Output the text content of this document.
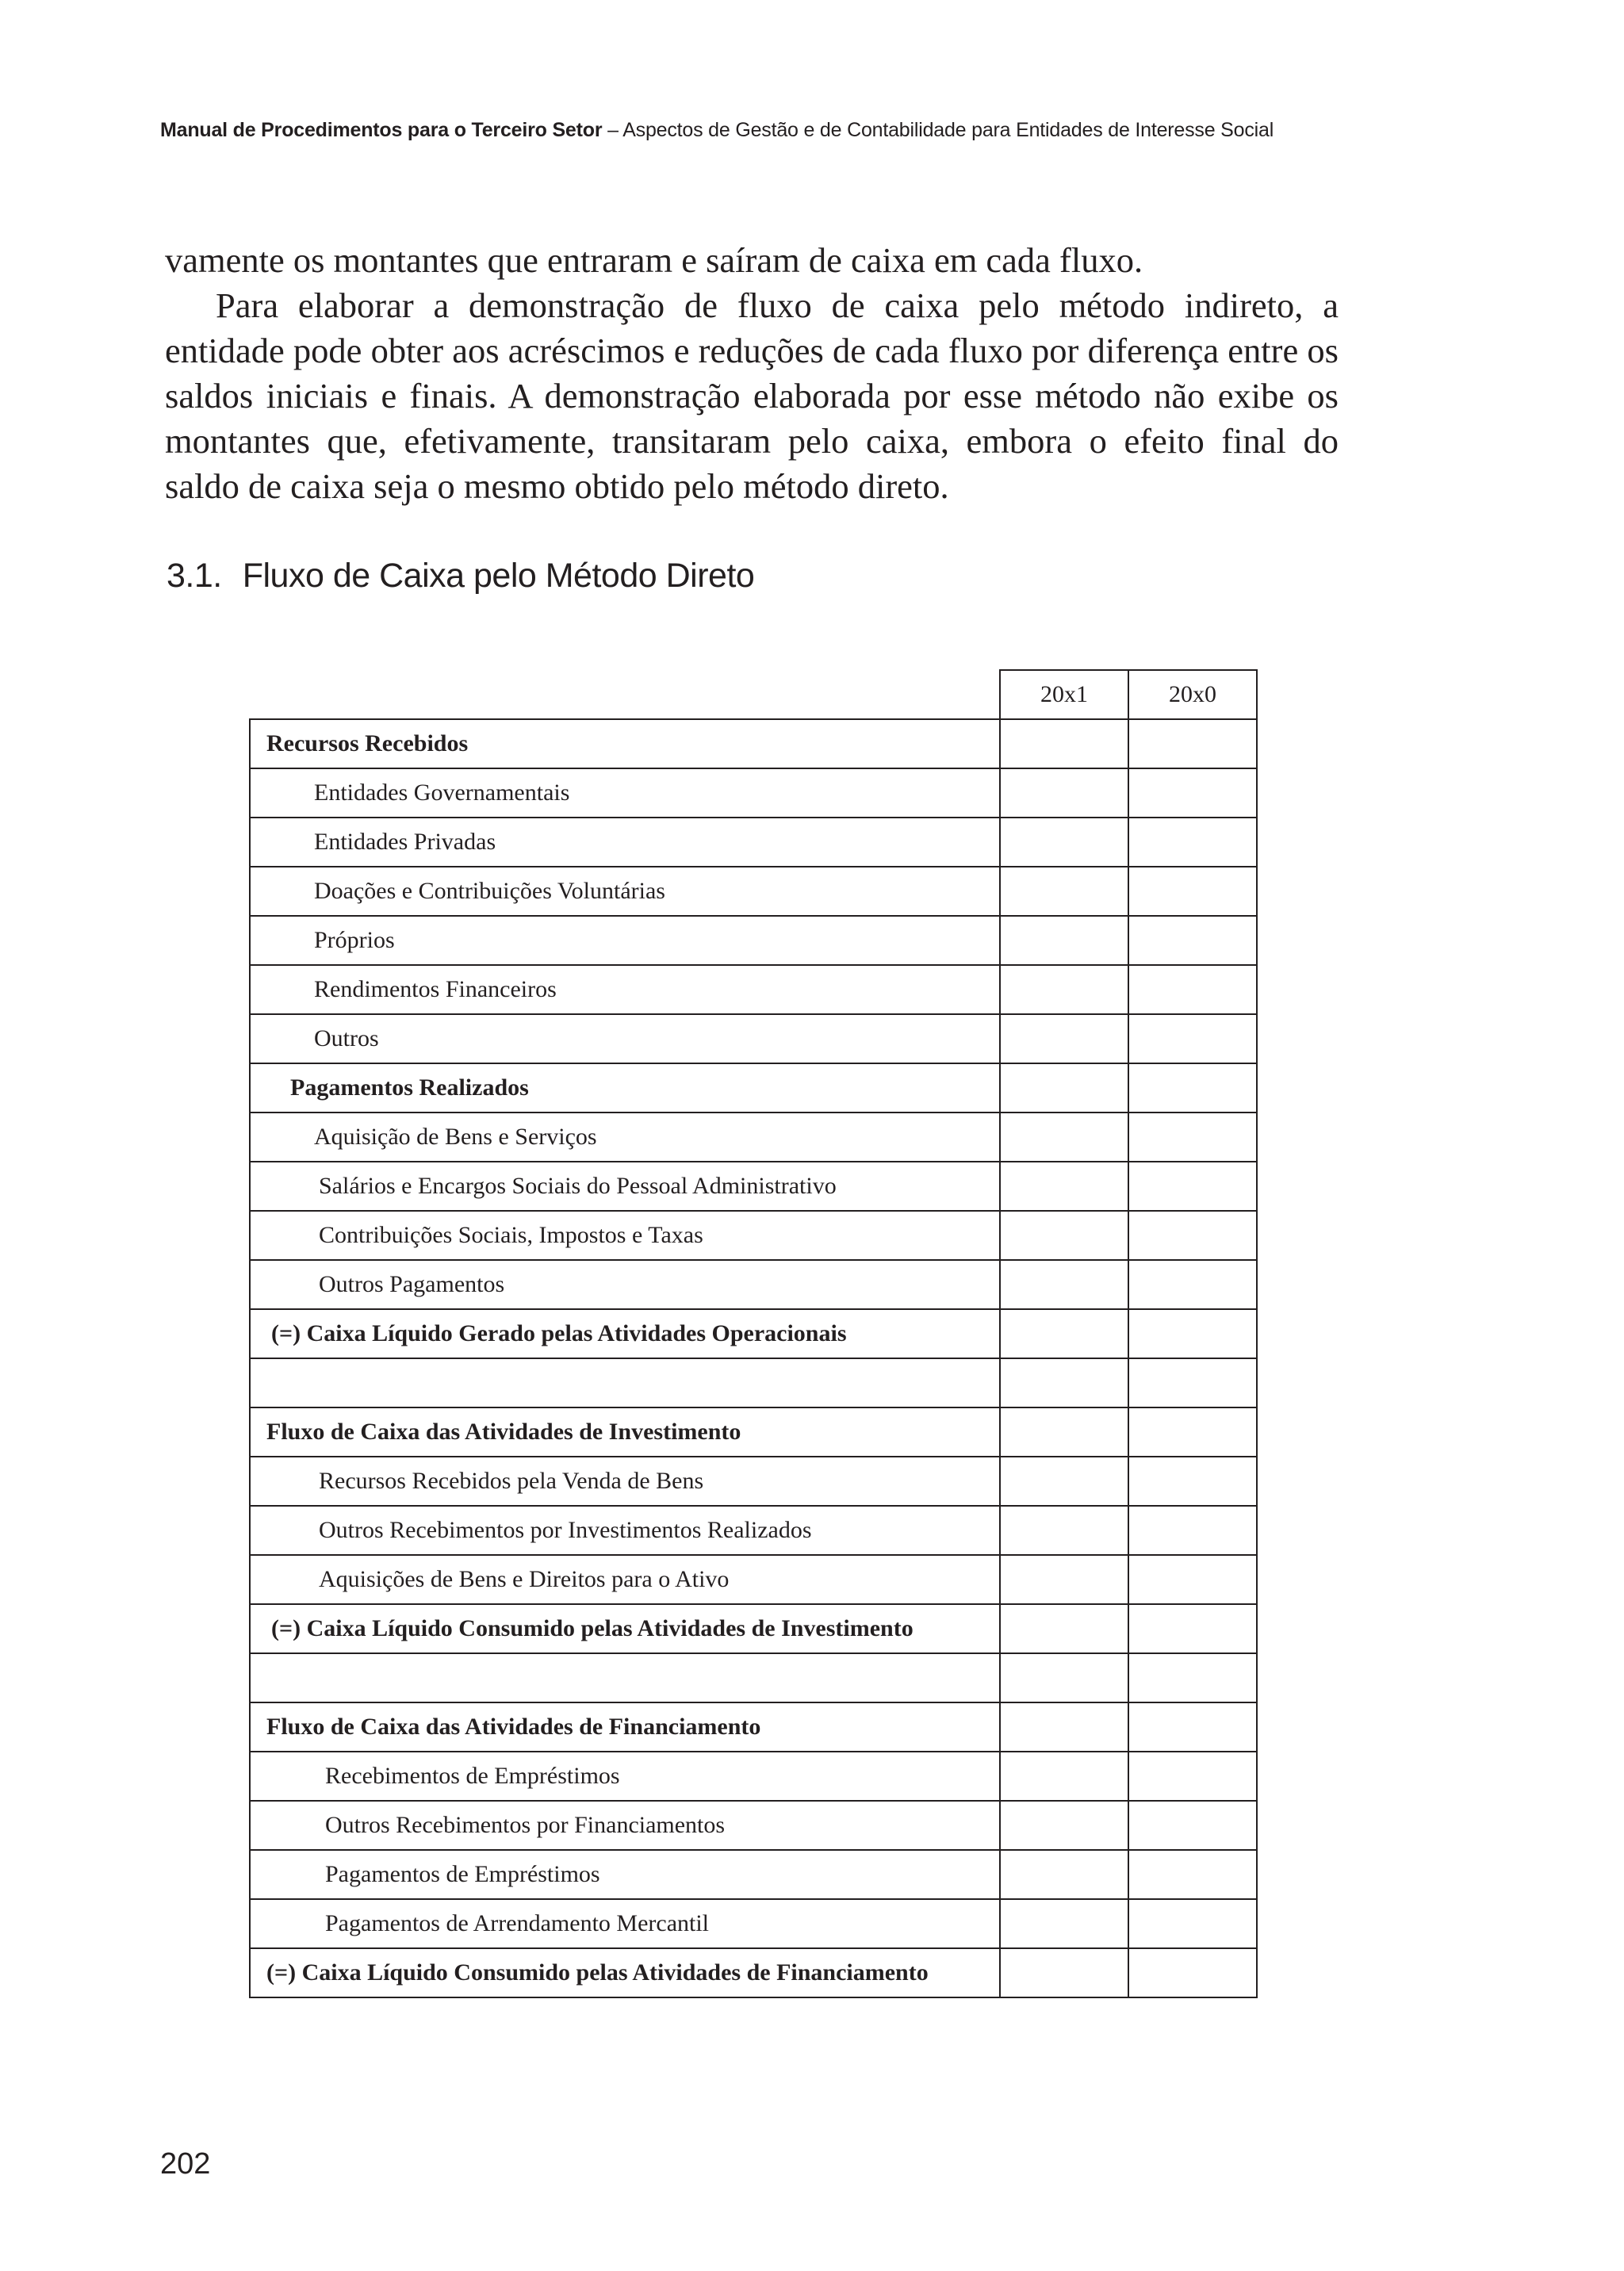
Manual de Procedimentos para o Terceiro Setor – Aspectos de Gestão e de Contabilidade para Entidades de Interesse Social

vamente os montantes que entraram e saíram de caixa em cada fluxo.

Para elaborar a demonstração de fluxo de caixa pelo método indireto, a entidade pode obter aos acréscimos e reduções de cada fluxo por diferença entre os saldos iniciais e finais. A demonstração elaborada por esse método não exibe os montantes que, efetivamente, transitaram pelo caixa, embora o efeito final do saldo de caixa seja o mesmo obtido pelo método direto.

3.1. Fluxo de Caixa pelo Método Direto
	20x1	20x0
Recursos Recebidos		
Entidades Governamentais		
Entidades Privadas		
Doações e Contribuições Voluntárias		
Próprios		
Rendimentos Financeiros		
Outros		
Pagamentos Realizados		
Aquisição de Bens e Serviços		
Salários e Encargos Sociais do Pessoal Administrativo		
Contribuições Sociais, Impostos e Taxas		
Outros Pagamentos		
(=) Caixa Líquido Gerado pelas Atividades Operacionais		

Fluxo de Caixa das Atividades de Investimento		
Recursos Recebidos pela Venda de Bens		
Outros Recebimentos por Investimentos Realizados		
Aquisições de Bens e Direitos para o Ativo		
(=) Caixa Líquido Consumido pelas Atividades de Investimento		

Fluxo de Caixa das Atividades de Financiamento		
Recebimentos de Empréstimos		
Outros Recebimentos por Financiamentos		
Pagamentos de Empréstimos		
Pagamentos de Arrendamento Mercantil		
(=) Caixa Líquido Consumido pelas Atividades de Financiamento		
202
